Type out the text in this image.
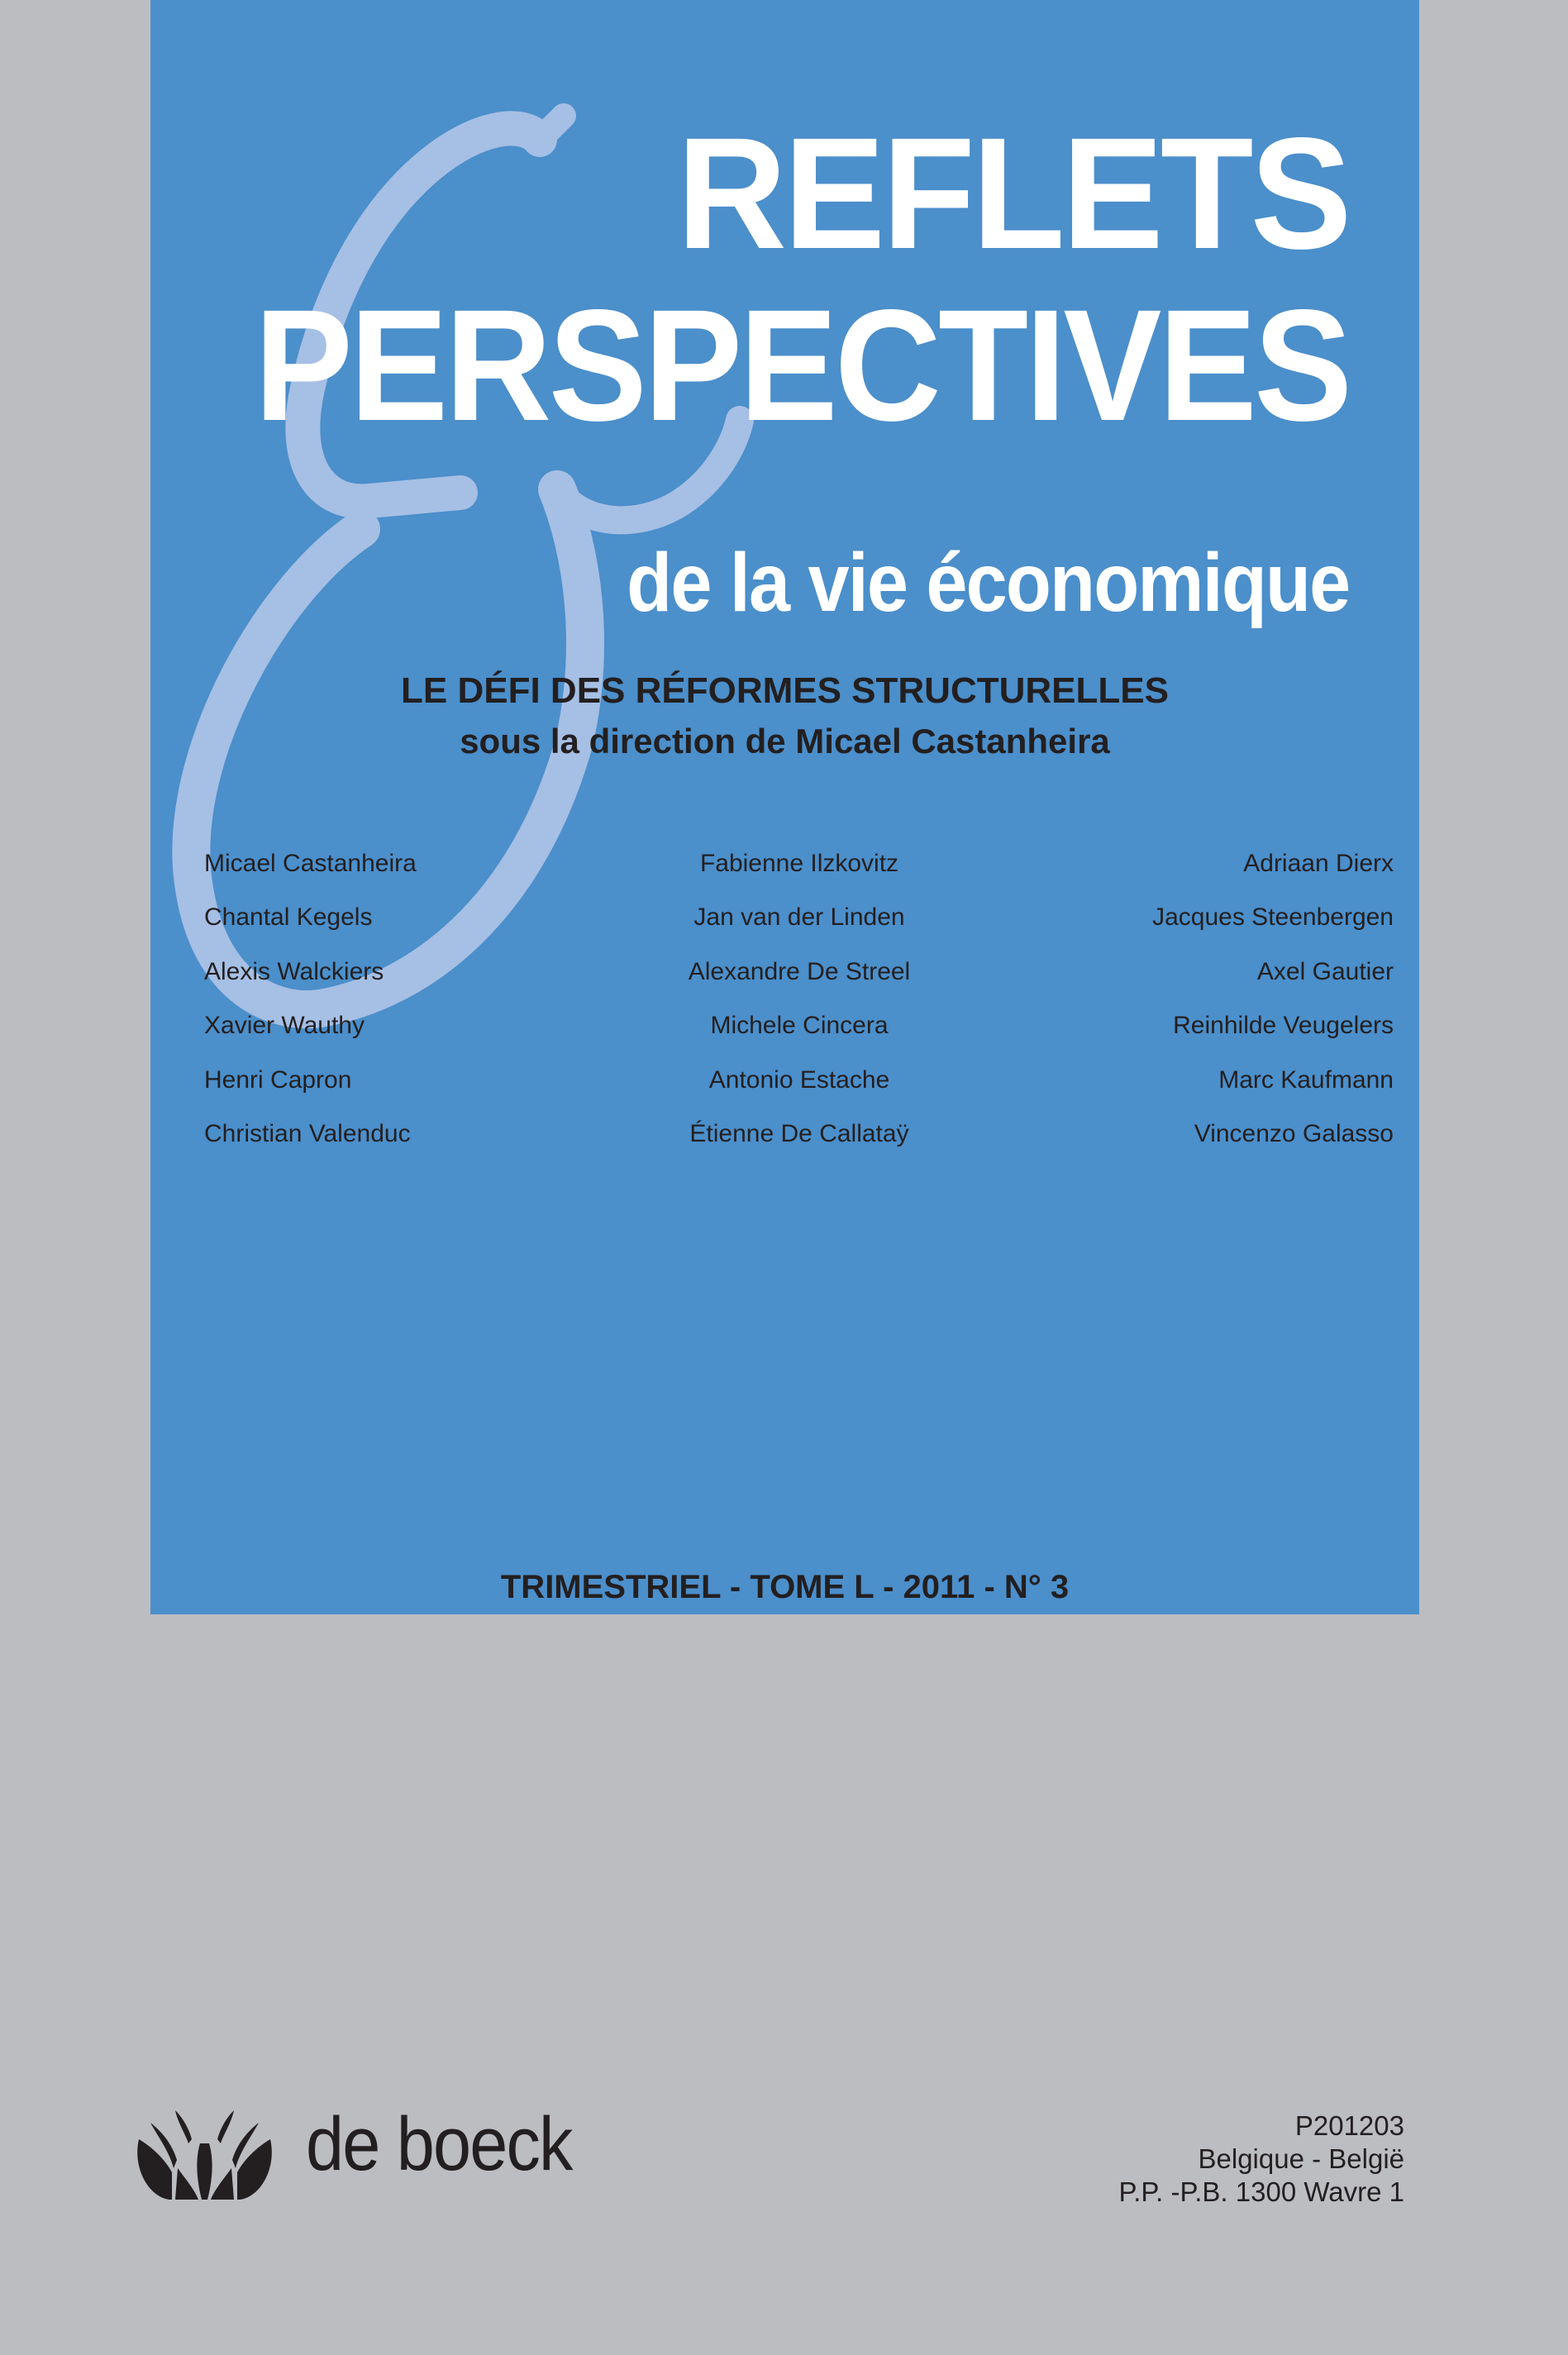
REFLETS
PERSPECTIVES
de la vie économique
LE DÉFI DES RÉFORMES STRUCTURELLES
sous la direction de Micael Castanheira
Micael Castanheira
Chantal Kegels
Alexis Walckiers
Xavier Wauthy
Henri Capron
Christian Valenduc
Fabienne Ilzkovitz
Jan van der Linden
Alexandre De Streel
Michele Cincera
Antonio Estache
Étienne De Callataÿ
Adriaan Dierx
Jacques Steenbergen
Axel Gautier
Reinhilde Veugelers
Marc Kaufmann
Vincenzo Galasso
TRIMESTRIEL - TOME L - 2011 - N° 3
de boeck	P201203
Belgique - België
P.P. -P.B. 1300 Wavre 1
